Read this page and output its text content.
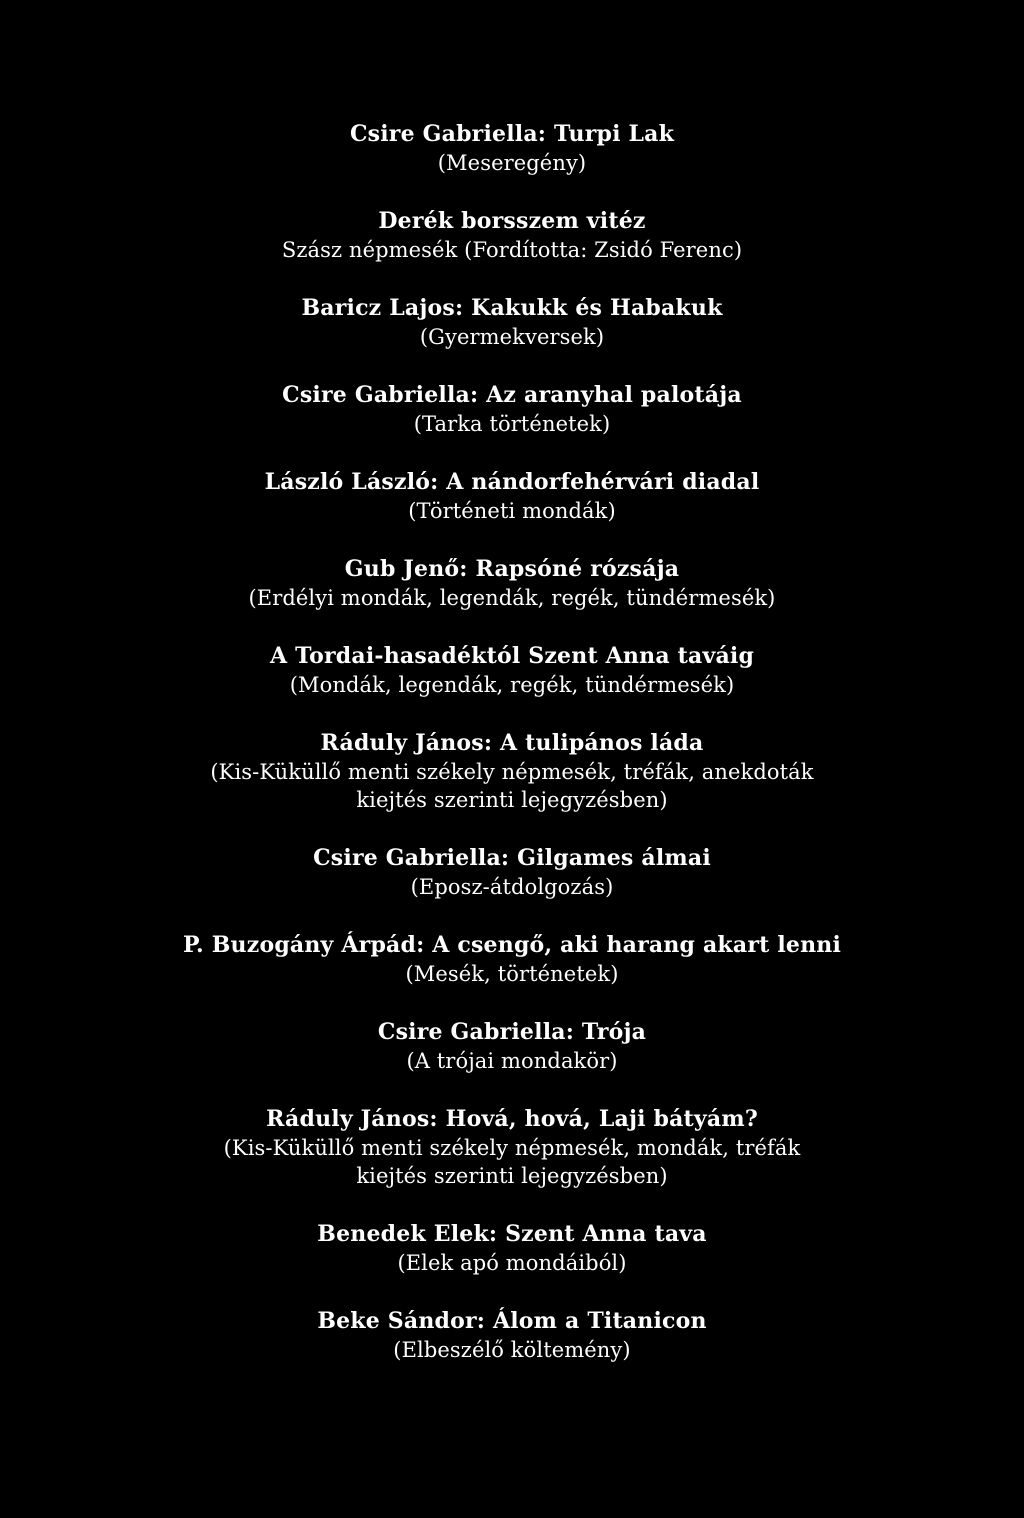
Csire Gabriella: Turpi Lak
(Meseregény)
Derék borsszem vitéz
Szász népmesék (Fordította: Zsidó Ferenc)
Baricz Lajos: Kakukk és Habakuk
(Gyermekversek)
Csire Gabriella: Az aranyhal palotája
(Tarka történetek)
László László: A nándorfehérvári diadal
(Történeti mondák)
Gub Jenő: Rapsóné rózsája
(Erdélyi mondák, legendák, regék, tündérmesék)
A Tordai-hasadéktól Szent Anna taváig
(Mondák, legendák, regék, tündérmesék)
Ráduly János: A tulipános láda
(Kis-Küküllő menti székely népmesék, tréfák, anekdoták
kiejtés szerinti lejegyzésben)
Csire Gabriella: Gilgames álmai
(Eposz-átdolgozás)
P. Buzogány Árpád: A csengő, aki harang akart lenni
(Mesék, történetek)
Csire Gabriella: Trója
(A trójai mondakör)
Ráduly János: Hová, hová, Laji bátyám?
(Kis-Küküllő menti székely népmesék, mondák, tréfák
kiejtés szerinti lejegyzésben)
Benedek Elek: Szent Anna tava
(Elek apó mondáiból)
Beke Sándor: Álom a Titanicon
(Elbeszélő költemény)
